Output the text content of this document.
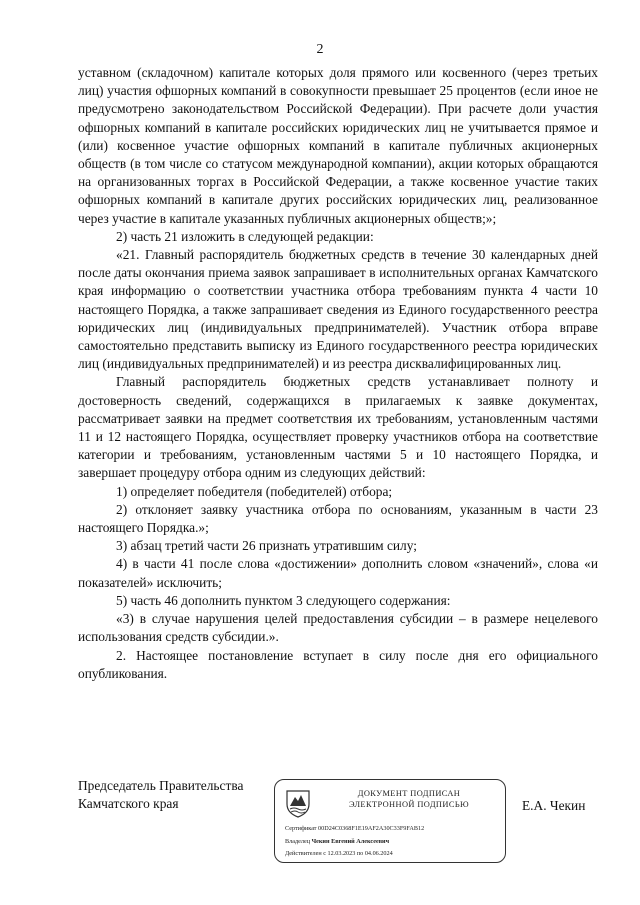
2

уставном (складочном) капитале которых доля прямого или косвенного (через третьих лиц) участия офшорных компаний в совокупности превышает 25 процентов (если иное не предусмотрено законодательством Российской Федерации). При расчете доли участия офшорных компаний в капитале российских юридических лиц не учитывается прямое и (или) косвенное участие офшорных компаний в капитале публичных акционерных обществ (в том числе со статусом международной компании), акции которых обращаются на организованных торгах в Российской Федерации, а также косвенное участие таких офшорных компаний в капитале других российских юридических лиц, реализованное через участие в капитале указанных публичных акционерных обществ;»;

2) часть 21 изложить в следующей редакции:

«21. Главный распорядитель бюджетных средств в течение 30 календарных дней после даты окончания приема заявок запрашивает в исполнительных органах Камчатского края информацию о соответствии участника отбора требованиям пункта 4 части 10 настоящего Порядка, а также запрашивает сведения из Единого государственного реестра юридических лиц (индивидуальных предпринимателей). Участник отбора вправе самостоятельно представить выписку из Единого государственного реестра юридических лиц (индивидуальных предпринимателей) и из реестра дисквалифицированных лиц.

Главный распорядитель бюджетных средств устанавливает полноту и достоверность сведений, содержащихся в прилагаемых к заявке документах, рассматривает заявки на предмет соответствия их требованиям, установленным частями 11 и 12 настоящего Порядка, осуществляет проверку участников отбора на соответствие категории и требованиям, установленным частями 5 и 10 настоящего Порядка, и завершает процедуру отбора одним из следующих действий:

1) определяет победителя (победителей) отбора;

2) отклоняет заявку участника отбора по основаниям, указанным в части 23 настоящего Порядка.»;

3) абзац третий части 26 признать утратившим силу;

4) в части 41 после слова «достижении» дополнить словом «значений», слова «и показателей» исключить;

5) часть 46 дополнить пунктом 3 следующего содержания:

«3) в случае нарушения целей предоставления субсидии – в размере нецелевого использования средств субсидии.».

2. Настоящее постановление вступает в силу после дня его официального опубликования.

Председатель Правительства
Камчатского края
ДОКУМЕНТ ПОДПИСАН
ЭЛЕКТРОННОЙ ПОДПИСЬЮ
Сертификат 00D24C0368F1E19AF2A30C33F9FAB12
Владелец Чекин Евгений Алексеевич
Действителен с 12.03.2023 по 04.06.2024
Е.А. Чекин
